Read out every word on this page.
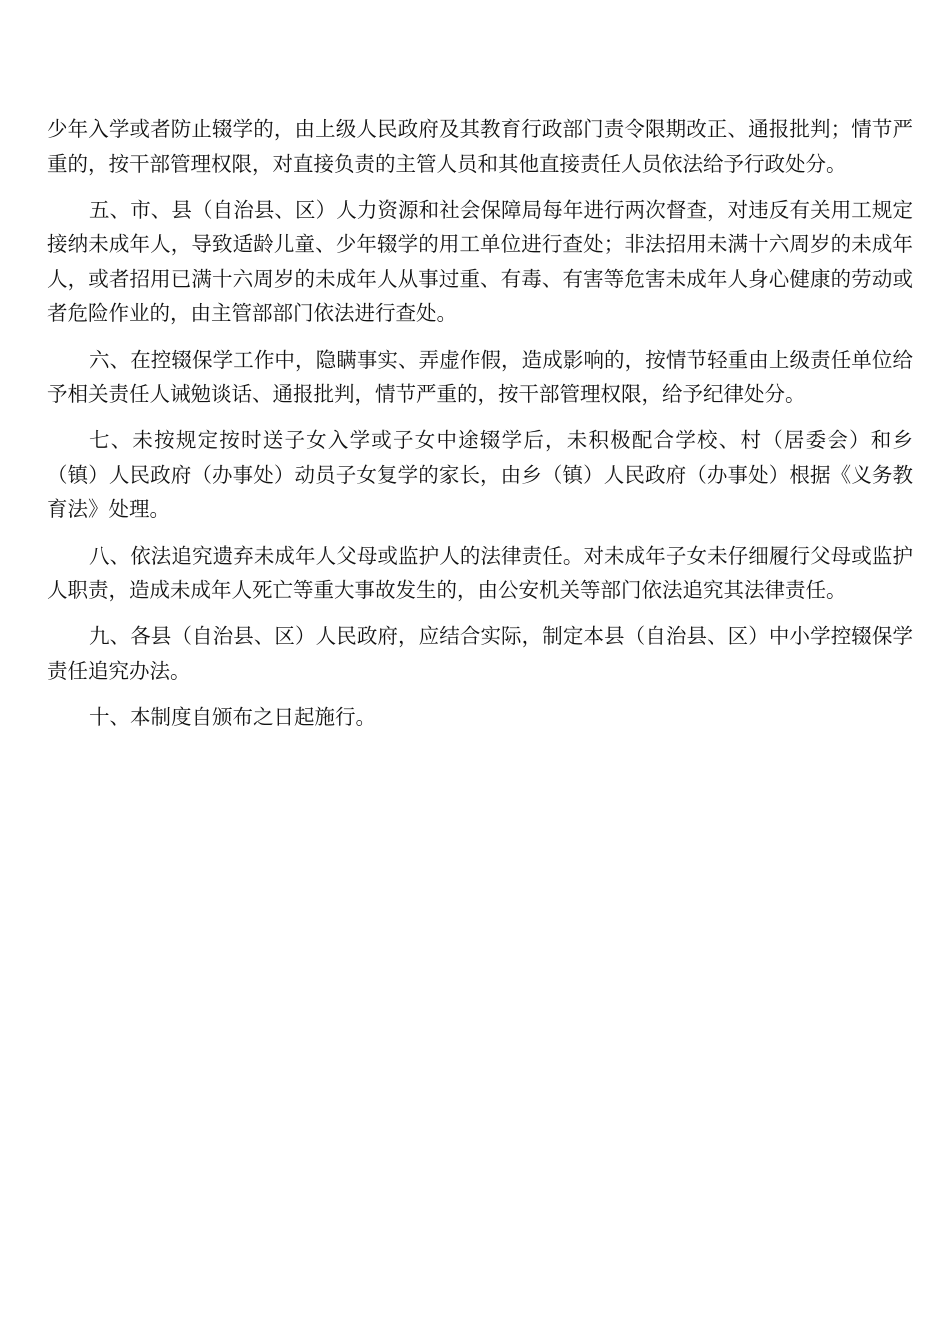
少年入学或者防止辍学的，由上级人民政府及其教育行政部门责令限期改正、通报批判；情节严重的，按干部管理权限，对直接负责的主管人员和其他直接责任人员依法给予行政处分。

五、市、县（自治县、区）人力资源和社会保障局每年进行两次督查，对违反有关用工规定接纳未成年人，导致适龄儿童、少年辍学的用工单位进行查处；非法招用未满十六周岁的未成年人，或者招用已满十六周岁的未成年人从事过重、有毒、有害等危害未成年人身心健康的劳动或者危险作业的，由主管部部门依法进行查处。

六、在控辍保学工作中，隐瞒事实、弄虚作假，造成影响的，按情节轻重由上级责任单位给予相关责任人诫勉谈话、通报批判，情节严重的，按干部管理权限，给予纪律处分。

七、未按规定按时送子女入学或子女中途辍学后，未积极配合学校、村（居委会）和乡（镇）人民政府（办事处）动员子女复学的家长，由乡（镇）人民政府（办事处）根据《义务教育法》处理。

八、依法追究遗弃未成年人父母或监护人的法律责任。对未成年子女未仔细履行父母或监护人职责，造成未成年人死亡等重大事故发生的，由公安机关等部门依法追究其法律责任。

九、各县（自治县、区）人民政府，应结合实际，制定本县（自治县、区）中小学控辍保学责任追究办法。

十、本制度自颁布之日起施行。
